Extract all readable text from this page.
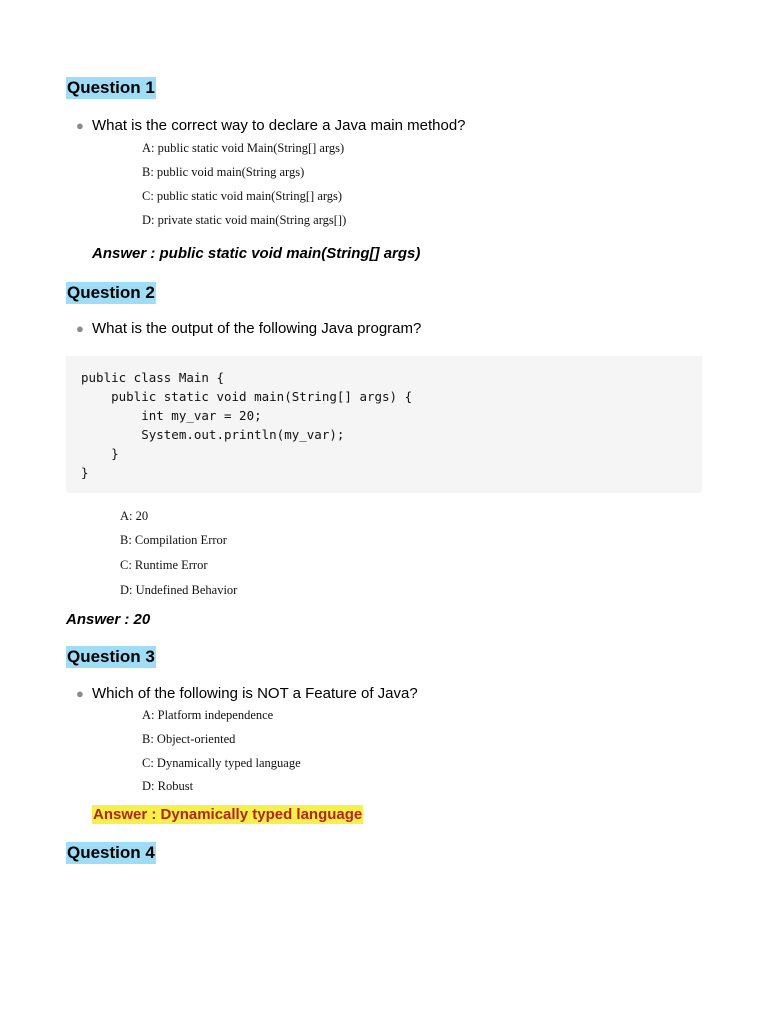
Question 1
● What is the correct way to declare a Java main method?
A: public static void Main(String[] args)
B: public void main(String args)
C: public static void main(String[] args)
D: private static void main(String args[])
Answer : public static void main(String[] args)
Question 2
● What is the output of the following Java program?
public class Main {
public static void main(String[] args) {
int my_var = 20;
System.out.println(my_var);
}
}
A: 20
B: Compilation Error
C: Runtime Error
D: Undefined Behavior
Answer : 20
Question 3
● Which of the following is NOT a Feature of Java?
A: Platform independence
B: Object-oriented
C: Dynamically typed language
D: Robust
Answer : Dynamically typed language
Question 4
